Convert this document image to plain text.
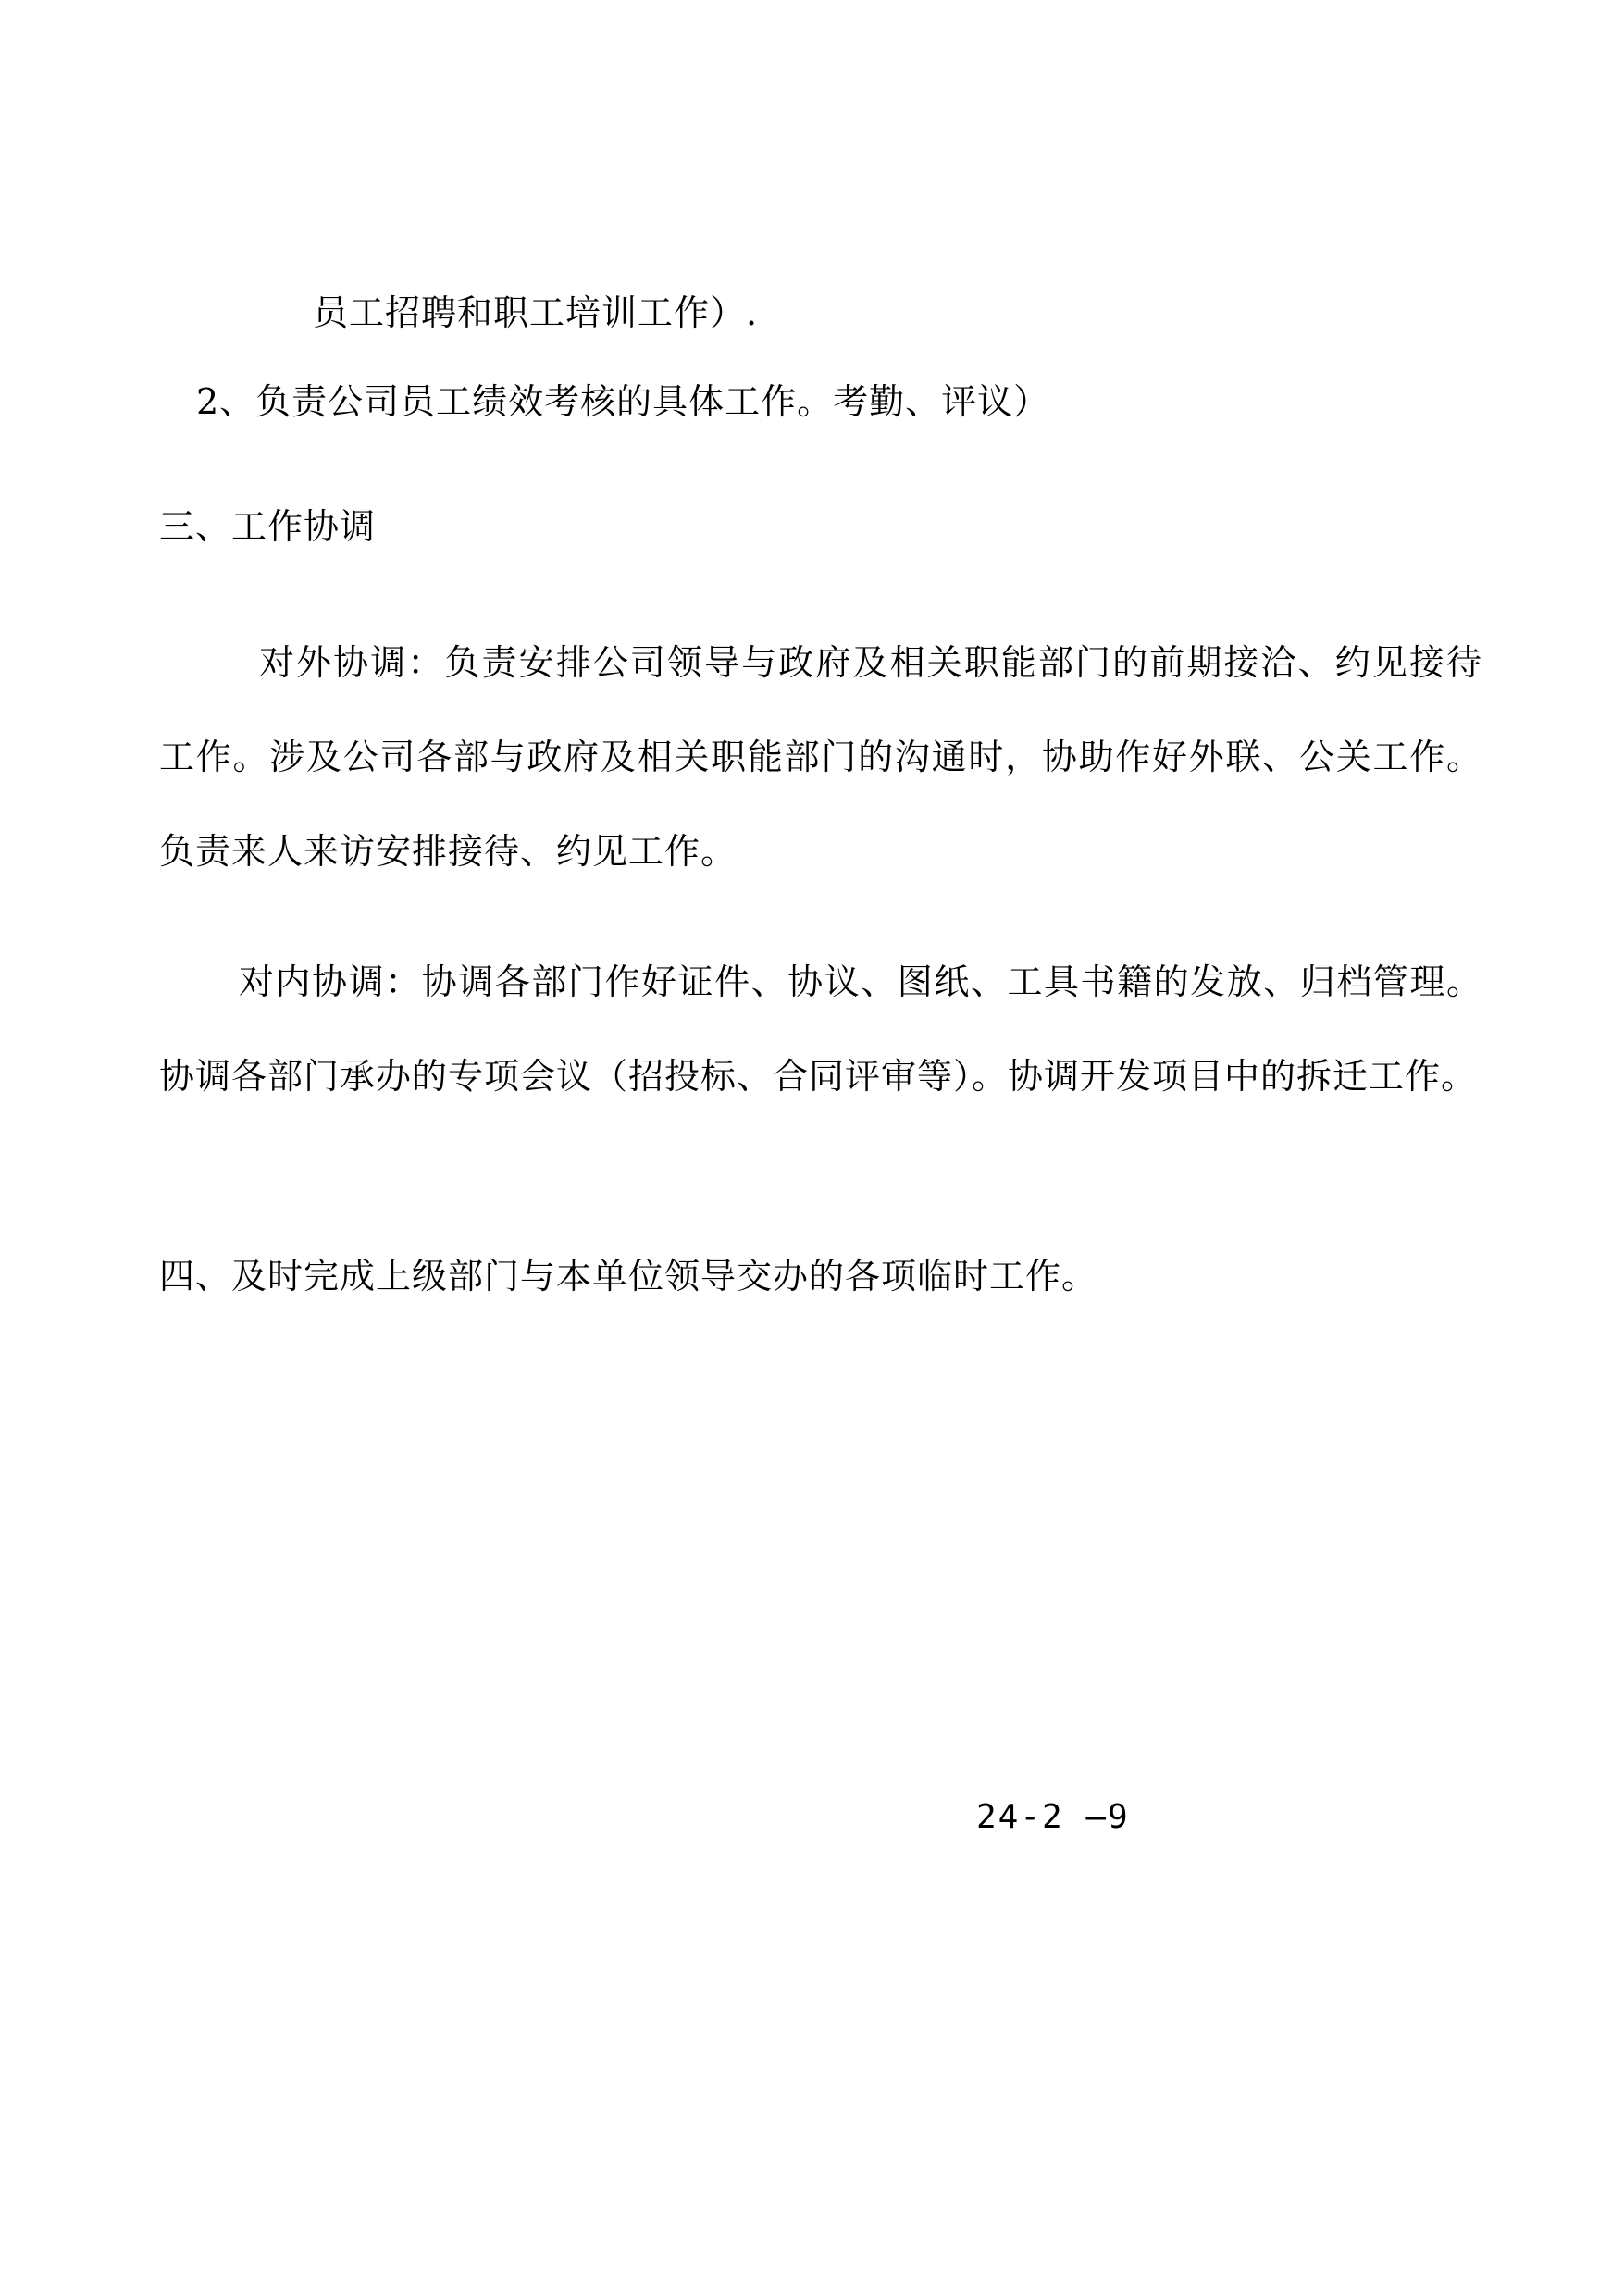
员工招聘和职工培训工作）.
2、负责公司员工绩效考核的具体工作。考勤、评议）
三、工作协调
对外协调：负责安排公司领导与政府及相关职能部门的前期接洽、约见接待工作。涉及公司各部与政府及相关职能部门的沟通时，协助作好外联、公关工作。负责来人来访安排接待、约见工作。
对内协调：协调各部门作好证件、协议、图纸、工具书籍的发放、归档管理。协调各部门承办的专项会议（招投标、合同评审等）。协调开发项目中的拆迁工作。
四、及时完成上级部门与本单位领导交办的各项临时工作。
24-2 —9
